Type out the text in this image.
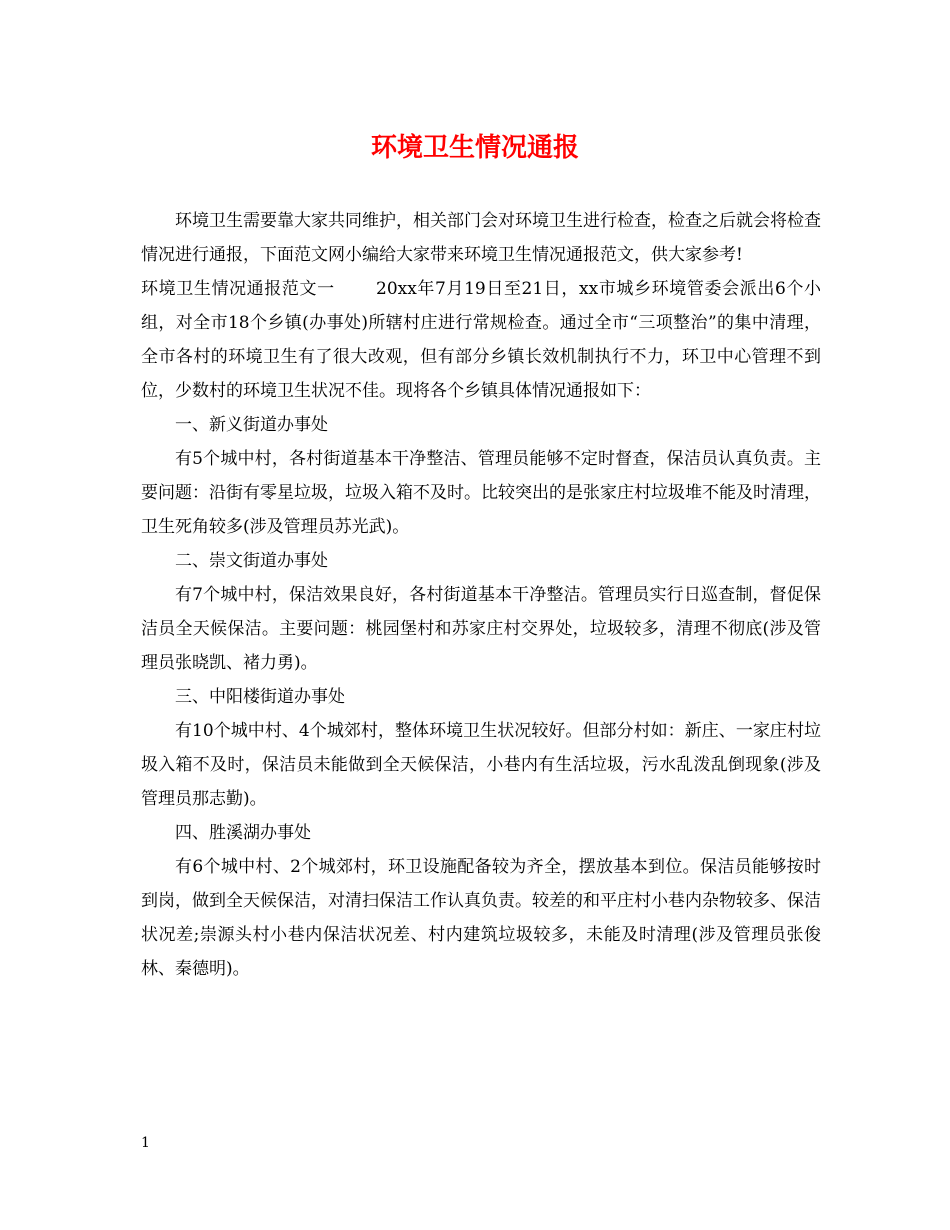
环境卫生情况通报

环境卫生需要靠大家共同维护，相关部门会对环境卫生进行检查，检查之后就会将检查情况进行通报，下面范文网小编给大家带来环境卫生情况通报范文，供大家参考!

环境卫生情况通报范文一　　 20xx年7月19日至21日，xx市城乡环境管委会派出6个小组，对全市18个乡镇(办事处)所辖村庄进行常规检查。通过全市“三项整治”的集中清理，全市各村的环境卫生有了很大改观，但有部分乡镇长效机制执行不力，环卫中心管理不到位，少数村的环境卫生状况不佳。现将各个乡镇具体情况通报如下：

一、新义街道办事处

有5个城中村，各村街道基本干净整洁、管理员能够不定时督查，保洁员认真负责。主要问题：沿街有零星垃圾，垃圾入箱不及时。比较突出的是张家庄村垃圾堆不能及时清理，卫生死角较多(涉及管理员苏光武)。

二、崇文街道办事处

有7个城中村，保洁效果良好，各村街道基本干净整洁。管理员实行日巡查制，督促保洁员全天候保洁。主要问题：桃园堡村和苏家庄村交界处，垃圾较多，清理不彻底(涉及管理员张晓凯、褚力勇)。

三、中阳楼街道办事处

有10个城中村、4个城郊村，整体环境卫生状况较好。但部分村如：新庄、一家庄村垃圾入箱不及时，保洁员未能做到全天候保洁，小巷内有生活垃圾，污水乱泼乱倒现象(涉及管理员那志勤)。

四、胜溪湖办事处

有6个城中村、2个城郊村，环卫设施配备较为齐全，摆放基本到位。保洁员能够按时到岗，做到全天候保洁，对清扫保洁工作认真负责。较差的和平庄村小巷内杂物较多、保洁状况差;崇源头村小巷内保洁状况差、村内建筑垃圾较多，未能及时清理(涉及管理员张俊林、秦德明)。

1
